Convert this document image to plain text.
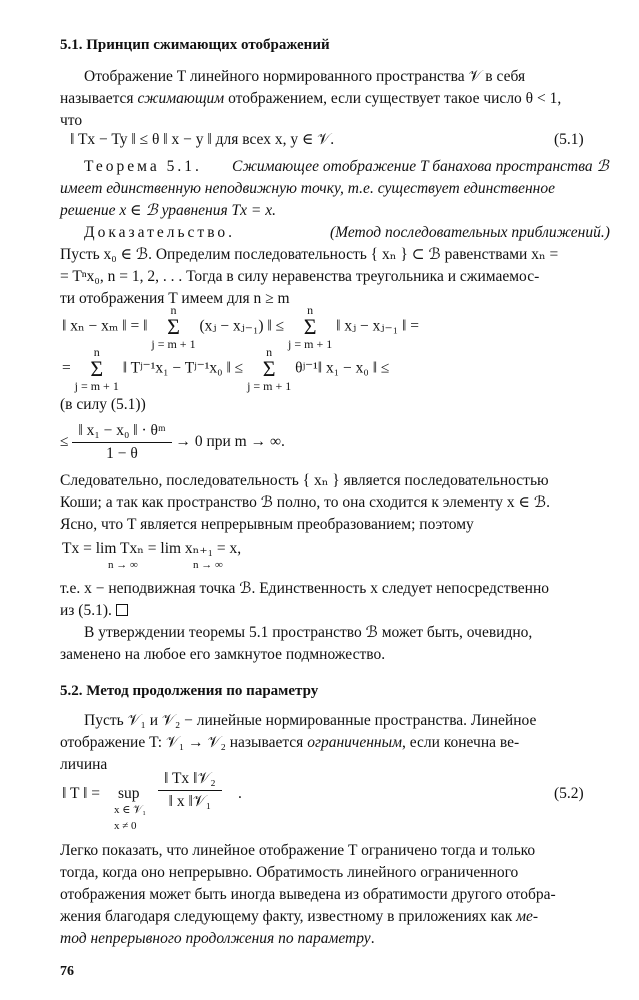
5.1. Принцип сжимающих отображений
Отображение T линейного нормированного пространства 𝒱 в себя
называется сжимающим отображением, если существует такое число θ < 1,
что
‖ Tx − Ty ‖ ≤ θ ‖ x − y ‖ для всех x, y ∈ 𝒱.	(5.1)
Теорема 5.1. Сжимающее отображение T банахова пространства ℬ
имеет единственную неподвижную точку, т.е. существует единственное
решение x ∈ ℬ уравнения Tx = x.
Доказательство.	(Метод последовательных приближений.)
Пусть x₀ ∈ ℬ. Определим последовательность { xₙ } ⊂ ℬ равенствами xₙ =
= Tⁿx₀, n = 1, 2, . . . Тогда в силу неравенства треугольника и сжимаемос-
ти отображения T имеем для n ≥ m
‖ xₙ − xₘ ‖ = ‖
n
Σ
j = m + 1
(xⱼ − xⱼ₋₁) ‖ ≤
n
Σ
j = m + 1
‖ xⱼ − xⱼ₋₁ ‖ =
=
n
Σ
j = m + 1
‖ Tʲ⁻¹x₁ − Tʲ⁻¹x₀ ‖ ≤
n
Σ
j = m + 1
θʲ⁻¹‖ x₁ − x₀ ‖ ≤
(в силу (5.1))
≤ $\frac{\text{‖ x₁ − x₀ ‖ · θᵐ}}{1 - \theta} \to 0$ при m → ∞.
Следовательно, последовательность { xₙ } является последовательностью
Коши; а так как пространство ℬ полно, то она сходится к элементу x ∈ ℬ.
Ясно, что T является непрерывным преобразованием; поэтому
Tx = lim Txₙ = lim xₙ₊₁ = x,
n → ∞	n → ∞
т.е. x − неподвижная точка ℬ. Единственность x следует непосредственно
из (5.1).
В утверждении теоремы 5.1 пространство ℬ может быть, очевидно,
заменено на любое его замкнутое подмножество.
5.2. Метод продолжения по параметру
Пусть 𝒱₁ и 𝒱₂ − линейные нормированные пространства. Линейное
отображение T: 𝒱₁ → 𝒱₂ называется ограниченным, если конечна ве-
личина
‖ T ‖ = sup
x ∈ 𝒱₁
x ≠ 0
$\frac{\text{‖ Tx ‖𝒱₂}}{\text{‖ x ‖𝒱₁}}$ .	(5.2)
Легко показать, что линейное отображение T ограничено тогда и только
тогда, когда оно непрерывно. Обратимость линейного ограниченного
отображения может быть иногда выведена из обратимости другого отобра-
жения благодаря следующему факту, известному в приложениях как ме-
тод непрерывного продолжения по параметру.
76
